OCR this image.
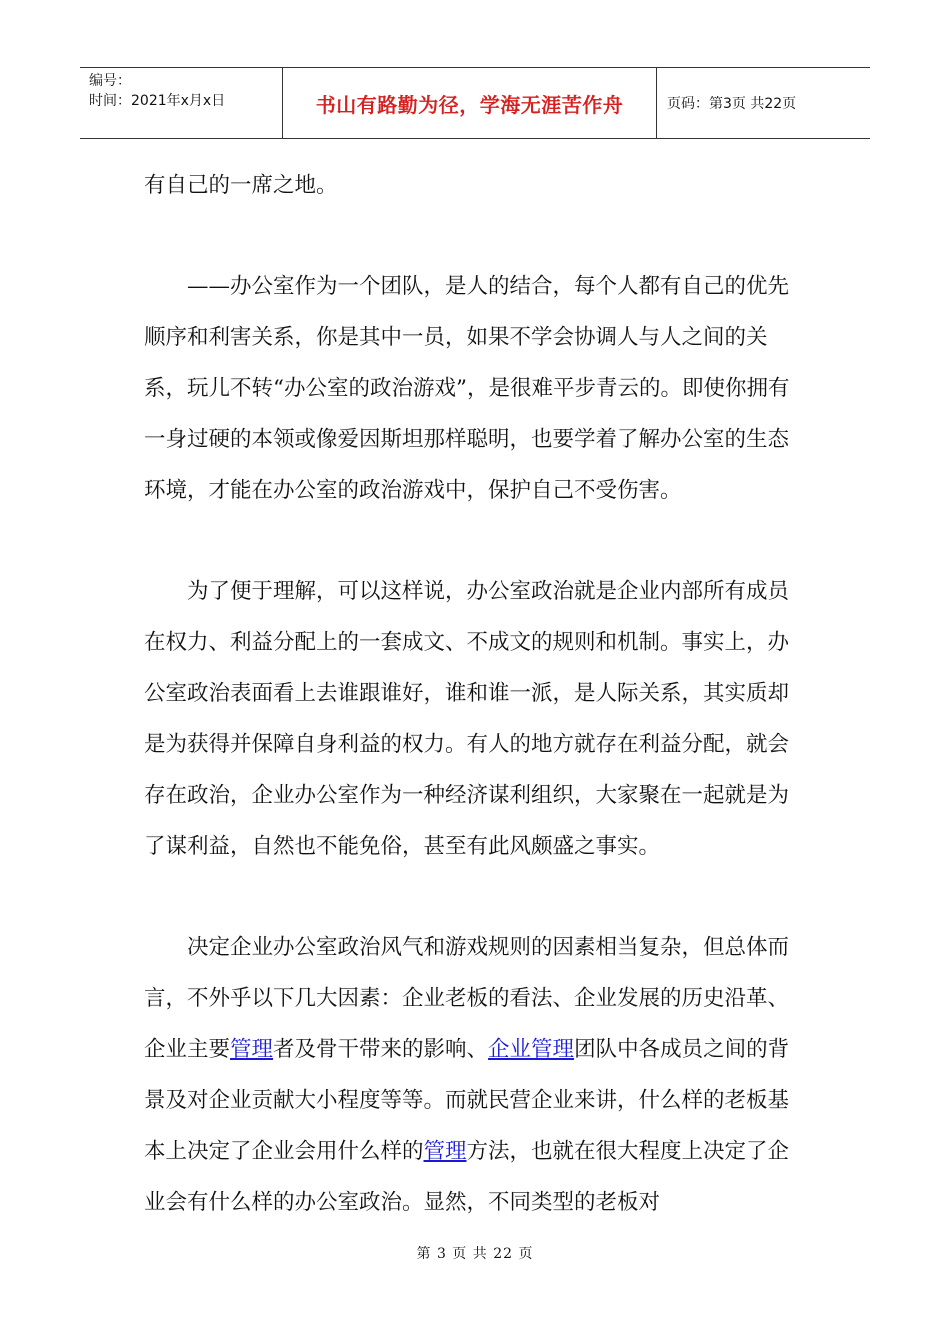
编号：
时间：2021年x月x日	书山有路勤为径，学海无涯苦作舟	页码：第3页 共22页

有自己的一席之地。

——办公室作为一个团队，是人的结合，每个人都有自己的优先顺序和利害关系，你是其中一员，如果不学会协调人与人之间的关系，玩儿不转“办公室的政治游戏”，是很难平步青云的。即使你拥有一身过硬的本领或像爱因斯坦那样聪明，也要学着了解办公室的生态环境，才能在办公室的政治游戏中，保护自己不受伤害。

为了便于理解，可以这样说，办公室政治就是企业内部所有成员在权力、利益分配上的一套成文、不成文的规则和机制。事实上，办公室政治表面看上去谁跟谁好，谁和谁一派，是人际关系，其实质却是为获得并保障自身利益的权力。有人的地方就存在利益分配，就会存在政治，企业办公室作为一种经济谋利组织，大家聚在一起就是为了谋利益，自然也不能免俗，甚至有此风颇盛之事实。

决定企业办公室政治风气和游戏规则的因素相当复杂，但总体而言，不外乎以下几大因素：企业老板的看法、企业发展的历史沿革、企业主要管理者及骨干带来的影响、企业管理团队中各成员之间的背景及对企业贡献大小程度等等。而就民营企业来讲，什么样的老板基本上决定了企业会用什么样的管理方法，也就在很大程度上决定了企业会有什么样的办公室政治。显然，不同类型的老板对

第 3 页 共 22 页
